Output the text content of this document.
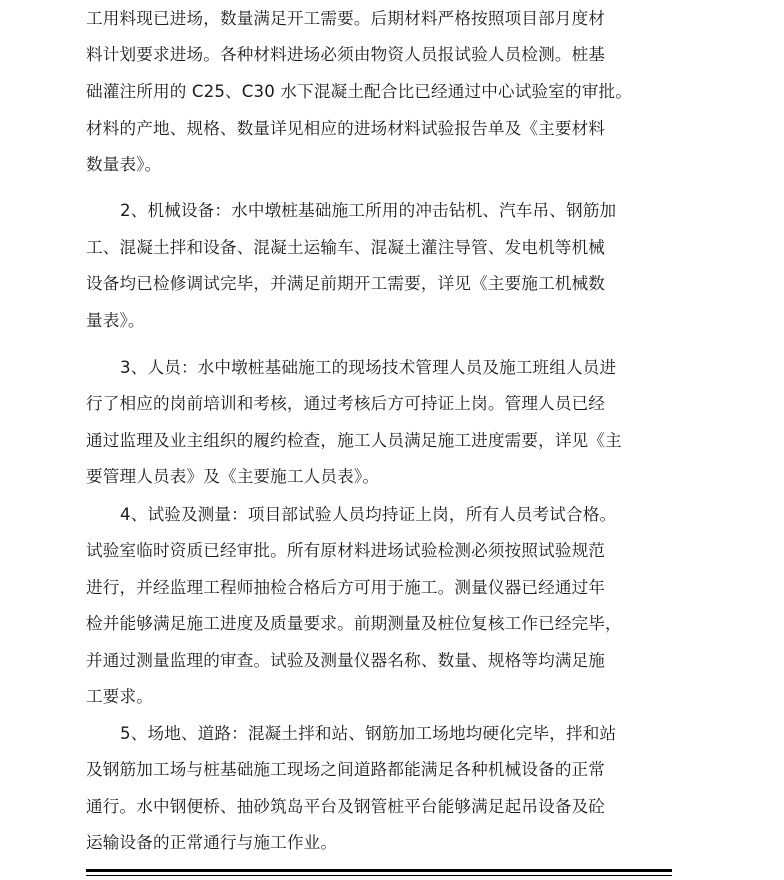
工用料现已进场，数量满足开工需要。后期材料严格按照项目部月度材
料计划要求进场。各种材料进场必须由物资人员报试验人员检测。桩基
础灌注所用的 C25、C30 水下混凝土配合比已经通过中心试验室的审批。
材料的产地、规格、数量详见相应的进场材料试验报告单及《主要材料
数量表》。
2、机械设备：水中墩桩基础施工所用的冲击钻机、汽车吊、钢筋加
工、混凝土拌和设备、混凝土运输车、混凝土灌注导管、发电机等机械
设备均已检修调试完毕，并满足前期开工需要，详见《主要施工机械数
量表》。
3、人员：水中墩桩基础施工的现场技术管理人员及施工班组人员进
行了相应的岗前培训和考核，通过考核后方可持证上岗。管理人员已经
通过监理及业主组织的履约检查，施工人员满足施工进度需要，详见《主
要管理人员表》及《主要施工人员表》。
4、试验及测量：项目部试验人员均持证上岗，所有人员考试合格。
试验室临时资质已经审批。所有原材料进场试验检测必须按照试验规范
进行，并经监理工程师抽检合格后方可用于施工。测量仪器已经通过年
检并能够满足施工进度及质量要求。前期测量及桩位复核工作已经完毕，
并通过测量监理的审查。试验及测量仪器名称、数量、规格等均满足施
工要求。
5、场地、道路：混凝土拌和站、钢筋加工场地均硬化完毕，拌和站
及钢筋加工场与桩基础施工现场之间道路都能满足各种机械设备的正常
通行。水中钢便桥、抽砂筑岛平台及钢管桩平台能够满足起吊设备及砼
运输设备的正常通行与施工作业。
